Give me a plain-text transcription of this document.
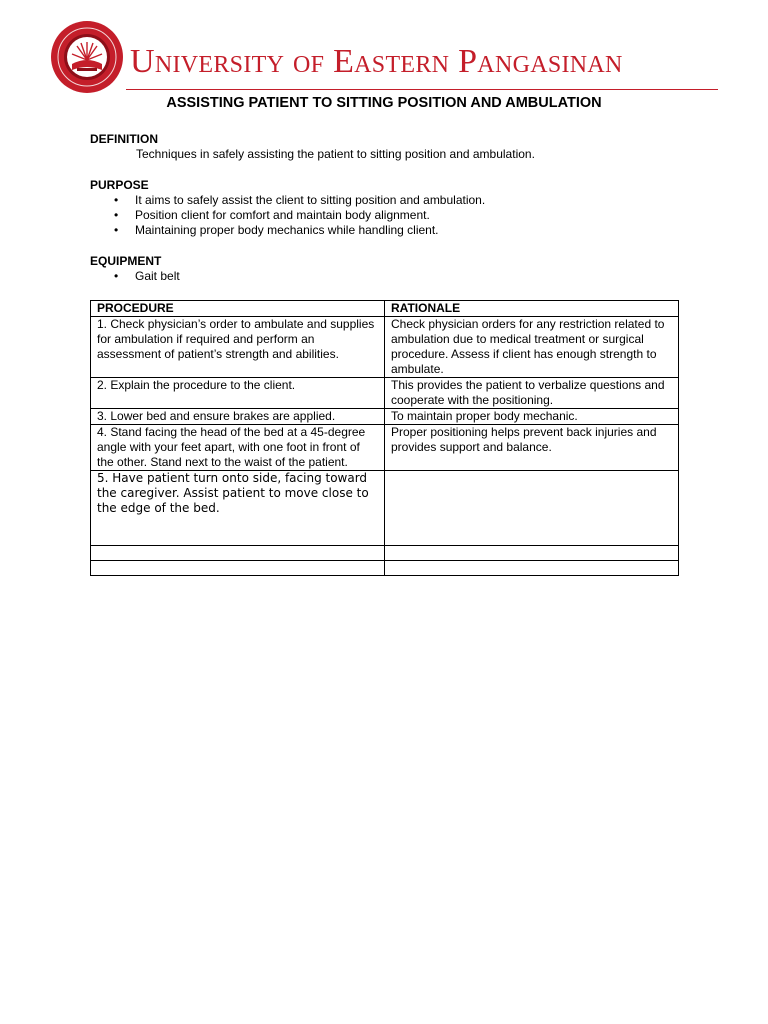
University of Eastern Pangasinan
ASSISTING PATIENT TO SITTING POSITION AND AMBULATION
DEFINITION
Techniques in safely assisting the patient to sitting position and ambulation.
PURPOSE
• It aims to safely assist the client to sitting position and ambulation.
• Position client for comfort and maintain body alignment.
• Maintaining proper body mechanics while handling client.
EQUIPMENT
• Gait belt
PROCEDURE	RATIONALE
1. Check physician’s order to ambulate and supplies for ambulation if required and perform an assessment of patient’s strength and abilities.	Check physician orders for any restriction related to ambulation due to medical treatment or surgical procedure. Assess if client has enough strength to ambulate.
2. Explain the procedure to the client.	This provides the patient to verbalize questions and cooperate with the positioning.
3. Lower bed and ensure brakes are applied.	To maintain proper body mechanic.
4. Stand facing the head of the bed at a 45-degree angle with your feet apart, with one foot in front of the other. Stand next to the waist of the patient.	Proper positioning helps prevent back injuries and provides support and balance.
5. Have patient turn onto side, facing toward the caregiver. Assist patient to move close to the edge of the bed.	
